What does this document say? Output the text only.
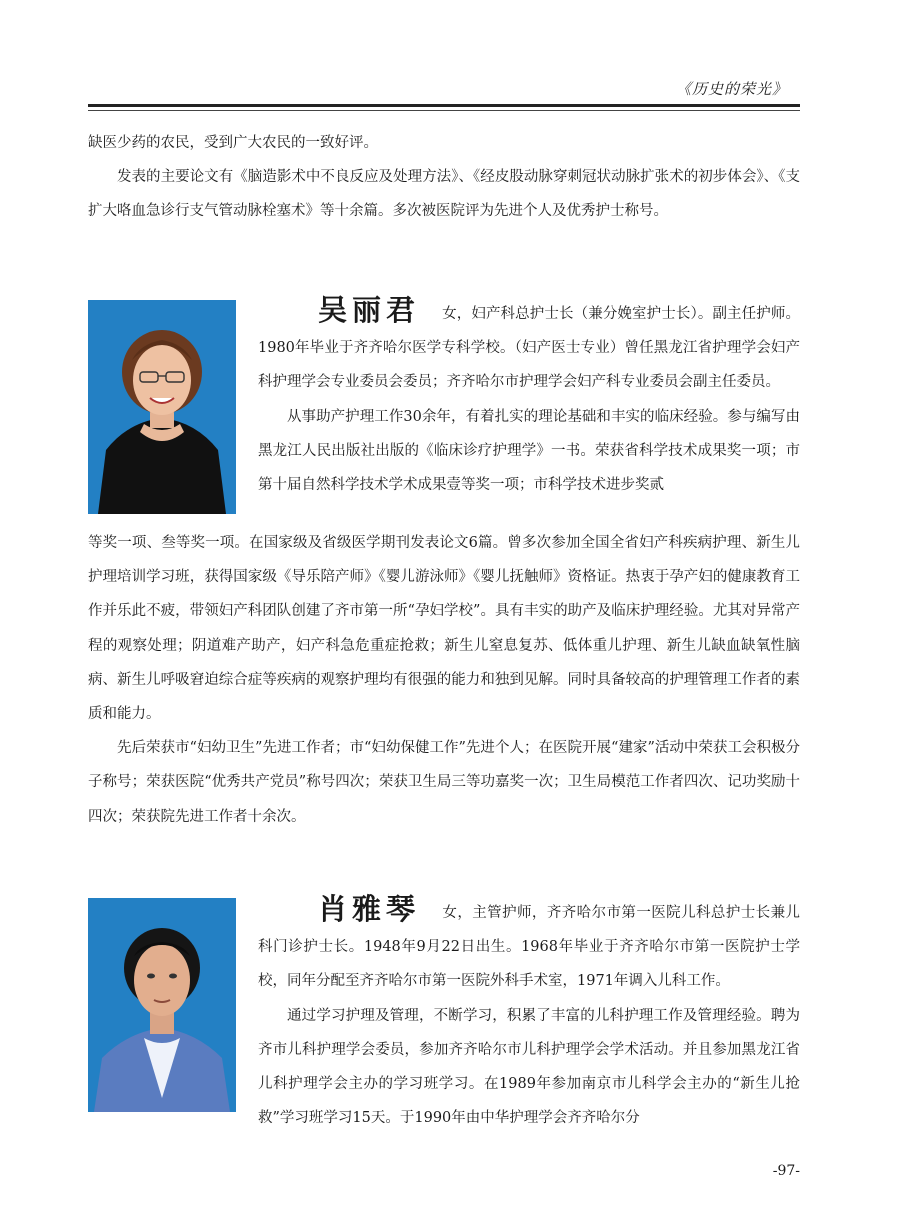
《历史的荣光》

缺医少药的农民，受到广大农民的一致好评。

发表的主要论文有《脑造影术中不良反应及处理方法》、《经皮股动脉穿刺冠状动脉扩张术的初步体会》、《支扩大咯血急诊行支气管动脉栓塞术》等十余篇。多次被医院评为先进个人及优秀护士称号。

吴丽君 女，妇产科总护士长（兼分娩室护士长）。副主任护师。1980年毕业于齐齐哈尔医学专科学校。（妇产医士专业）曾任黑龙江省护理学会妇产科护理学会专业委员会委员；齐齐哈尔市护理学会妇产科专业委员会副主任委员。

从事助产护理工作30余年，有着扎实的理论基础和丰实的临床经验。参与编写由黑龙江人民出版社出版的《临床诊疗护理学》一书。荣获省科学技术成果奖一项；市第十届自然科学技术学术成果壹等奖一项；市科学技术进步奖贰

等奖一项、叁等奖一项。在国家级及省级医学期刊发表论文6篇。曾多次参加全国全省妇产科疾病护理、新生儿护理培训学习班，获得国家级《导乐陪产师》《婴儿游泳师》《婴儿抚触师》资格证。热衷于孕产妇的健康教育工作并乐此不疲，带领妇产科团队创建了齐市第一所“孕妇学校”。具有丰实的助产及临床护理经验。尤其对异常产程的观察处理；阴道难产助产，妇产科急危重症抢救；新生儿窒息复苏、低体重儿护理、新生儿缺血缺氧性脑病、新生儿呼吸窘迫综合症等疾病的观察护理均有很强的能力和独到见解。同时具备较高的护理管理工作者的素质和能力。

先后荣获市“妇幼卫生”先进工作者；市“妇幼保健工作”先进个人；在医院开展“建家”活动中荣获工会积极分子称号；荣获医院“优秀共产党员”称号四次；荣获卫生局三等功嘉奖一次；卫生局模范工作者四次、记功奖励十四次；荣获院先进工作者十余次。

肖雅琴 女，主管护师，齐齐哈尔市第一医院儿科总护士长兼儿科门诊护士长。1948年9月22日出生。1968年毕业于齐齐哈尔市第一医院护士学校，同年分配至齐齐哈尔市第一医院外科手术室，1971年调入儿科工作。

通过学习护理及管理，不断学习，积累了丰富的儿科护理工作及管理经验。聘为齐市儿科护理学会委员，参加齐齐哈尔市儿科护理学会学术活动。并且参加黑龙江省儿科护理学会主办的学习班学习。在1989年参加南京市儿科学会主办的“新生儿抢救”学习班学习15天。于1990年由中华护理学会齐齐哈尔分

-97-
